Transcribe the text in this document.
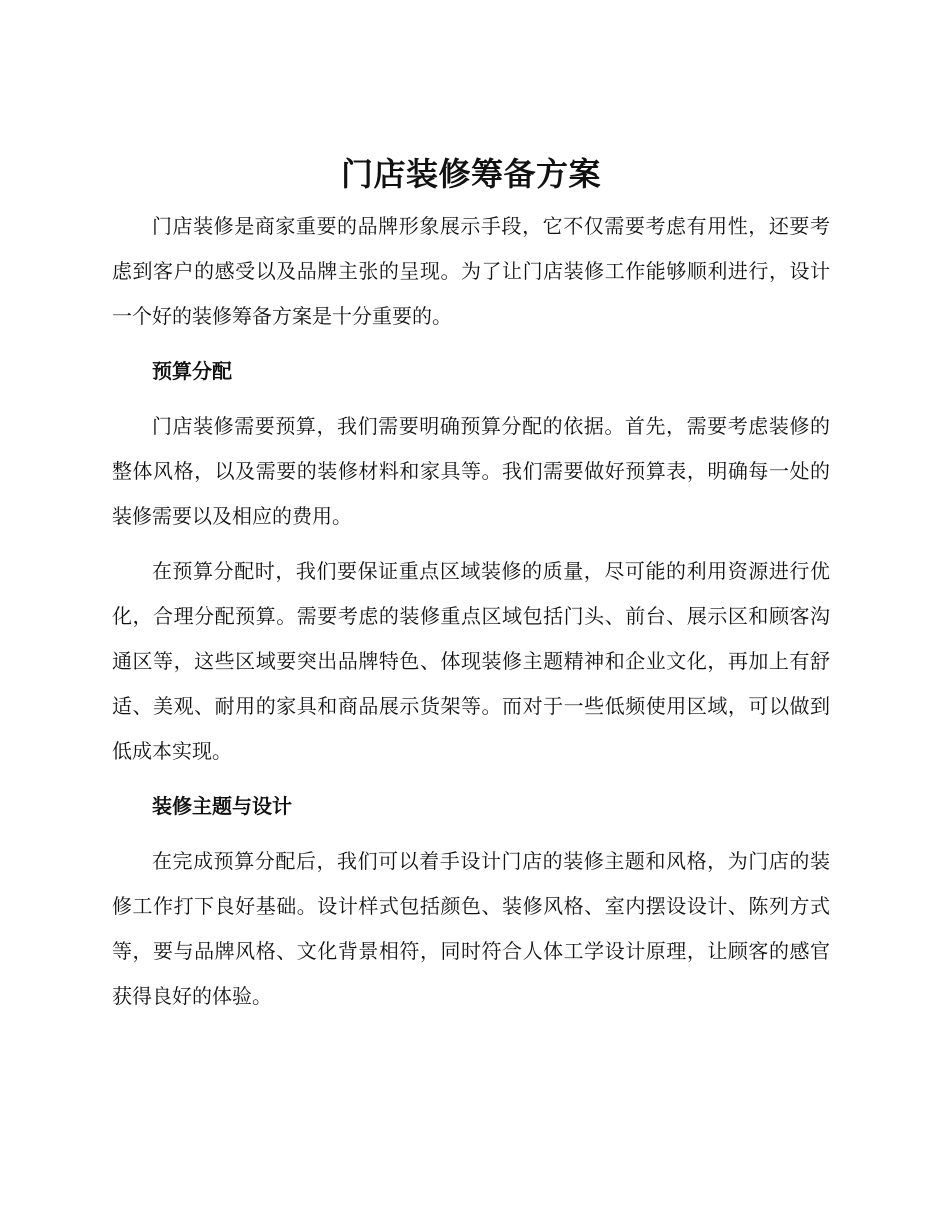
门店装修筹备方案

门店装修是商家重要的品牌形象展示手段，它不仅需要考虑有用性，还要考虑到客户的感受以及品牌主张的呈现。为了让门店装修工作能够顺利进行，设计一个好的装修筹备方案是十分重要的。

预算分配

门店装修需要预算，我们需要明确预算分配的依据。首先，需要考虑装修的整体风格，以及需要的装修材料和家具等。我们需要做好预算表，明确每一处的装修需要以及相应的费用。

在预算分配时，我们要保证重点区域装修的质量，尽可能的利用资源进行优化，合理分配预算。需要考虑的装修重点区域包括门头、前台、展示区和顾客沟通区等，这些区域要突出品牌特色、体现装修主题精神和企业文化，再加上有舒适、美观、耐用的家具和商品展示货架等。而对于一些低频使用区域，可以做到低成本实现。

装修主题与设计

在完成预算分配后，我们可以着手设计门店的装修主题和风格，为门店的装修工作打下良好基础。设计样式包括颜色、装修风格、室内摆设设计、陈列方式等，要与品牌风格、文化背景相符，同时符合人体工学设计原理，让顾客的感官获得良好的体验。
